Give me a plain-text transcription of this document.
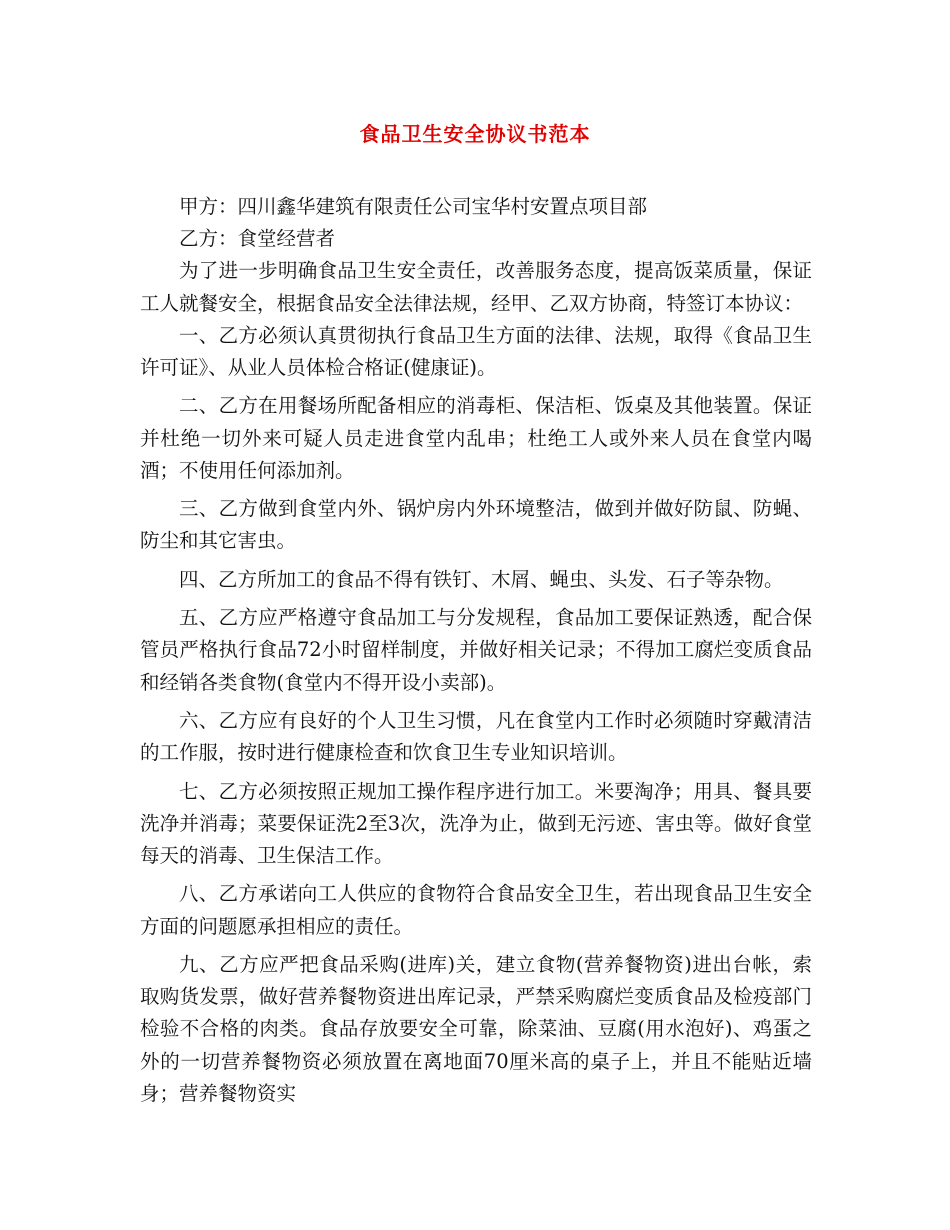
食品卫生安全协议书范本

甲方：四川鑫华建筑有限责任公司宝华村安置点项目部

乙方：食堂经营者

为了进一步明确食品卫生安全责任，改善服务态度，提高饭菜质量，保证工人就餐安全，根据食品安全法律法规，经甲、乙双方协商，特签订本协议：

一、乙方必须认真贯彻执行食品卫生方面的法律、法规，取得《食品卫生许可证》、从业人员体检合格证(健康证)。

二、乙方在用餐场所配备相应的消毒柜、保洁柜、饭桌及其他装置。保证并杜绝一切外来可疑人员走进食堂内乱串；杜绝工人或外来人员在食堂内喝酒；不使用任何添加剂。

三、乙方做到食堂内外、锅炉房内外环境整洁，做到并做好防鼠、防蝇、防尘和其它害虫。

四、乙方所加工的食品不得有铁钉、木屑、蝇虫、头发、石子等杂物。

五、乙方应严格遵守食品加工与分发规程，食品加工要保证熟透，配合保管员严格执行食品72小时留样制度，并做好相关记录；不得加工腐烂变质食品和经销各类食物(食堂内不得开设小卖部)。

六、乙方应有良好的个人卫生习惯，凡在食堂内工作时必须随时穿戴清洁的工作服，按时进行健康检查和饮食卫生专业知识培训。

七、乙方必须按照正规加工操作程序进行加工。米要淘净；用具、餐具要洗净并消毒；菜要保证洗2至3次，洗净为止，做到无污迹、害虫等。做好食堂每天的消毒、卫生保洁工作。

八、乙方承诺向工人供应的食物符合食品安全卫生，若出现食品卫生安全方面的问题愿承担相应的责任。

九、乙方应严把食品采购(进库)关，建立食物(营养餐物资)进出台帐，索取购货发票，做好营养餐物资进出库记录，严禁采购腐烂变质食品及检疫部门检验不合格的肉类。食品存放要安全可靠，除菜油、豆腐(用水泡好)、鸡蛋之外的一切营养餐物资必须放置在离地面70厘米高的桌子上，并且不能贴近墙身；营养餐物资实
